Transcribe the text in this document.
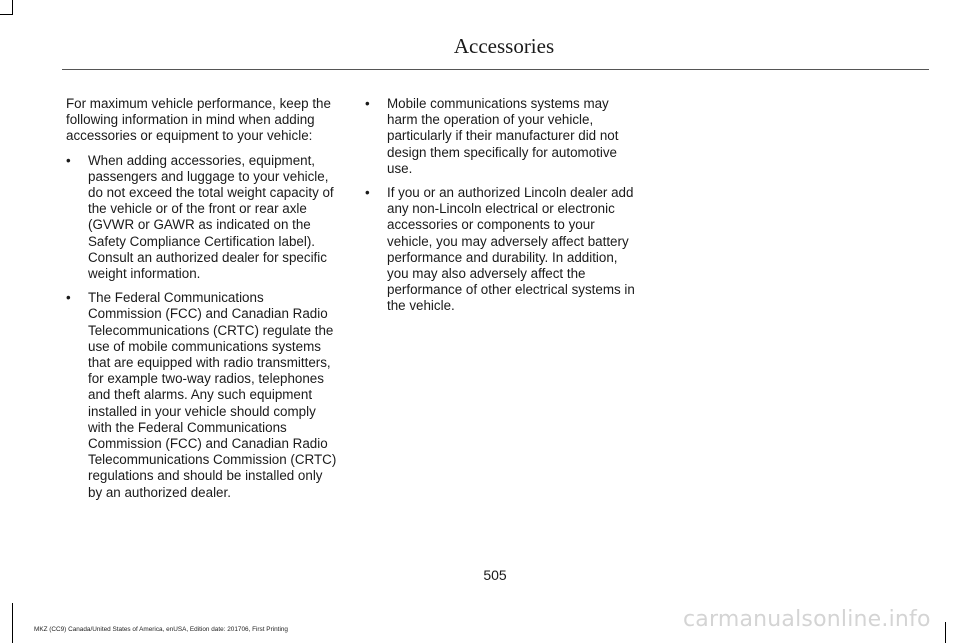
Accessories

For maximum vehicle performance, keep the following information in mind when adding accessories or equipment to your vehicle:

• When adding accessories, equipment, passengers and luggage to your vehicle, do not exceed the total weight capacity of the vehicle or of the front or rear axle (GVWR or GAWR as indicated on the Safety Compliance Certification label). Consult an authorized dealer for specific weight information.
• The Federal Communications Commission (FCC) and Canadian Radio Telecommunications (CRTC) regulate the use of mobile communications systems that are equipped with radio transmitters, for example two-way radios, telephones and theft alarms. Any such equipment installed in your vehicle should comply with the Federal Communications Commission (FCC) and Canadian Radio Telecommunications Commission (CRTC) regulations and should be installed only by an authorized dealer.
• Mobile communications systems may harm the operation of your vehicle, particularly if their manufacturer did not design them specifically for automotive use.
• If you or an authorized Lincoln dealer add any non-Lincoln electrical or electronic accessories or components to your vehicle, you may adversely affect battery performance and durability. In addition, you may also adversely affect the performance of other electrical systems in the vehicle.
505
MKZ (CC9) Canada/United States of America, enUSA, Edition date: 201706, First Printing	carmanualsonline.info
